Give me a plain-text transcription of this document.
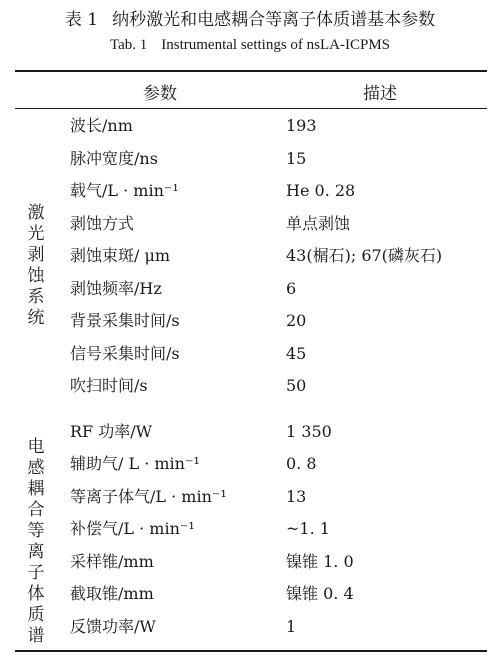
表 1 纳秒激光和电感耦合等离子体质谱基本参数
Tab. 1 Instrumental settings of nsLA-ICPMS
参数	描述
激
光
剥
蚀
系
统
波长/nm	193
脉冲宽度/ns	15
载气/L · min⁻¹	He 0. 28
剥蚀方式	单点剥蚀
剥蚀束斑/ μm	43(榍石); 67(磷灰石)
剥蚀频率/Hz	6
背景采集时间/s	20
信号采集时间/s	45
吹扫时间/s	50
电
感
耦
合
等
离
子
体
质
谱
RF 功率/W	1 350
辅助气/ L · min⁻¹	0. 8
等离子体气/L · min⁻¹	13
补偿气/L · min⁻¹	~1. 1
采样锥/mm	镍锥 1. 0
截取锥/mm	镍锥 0. 4
反馈功率/W	1
